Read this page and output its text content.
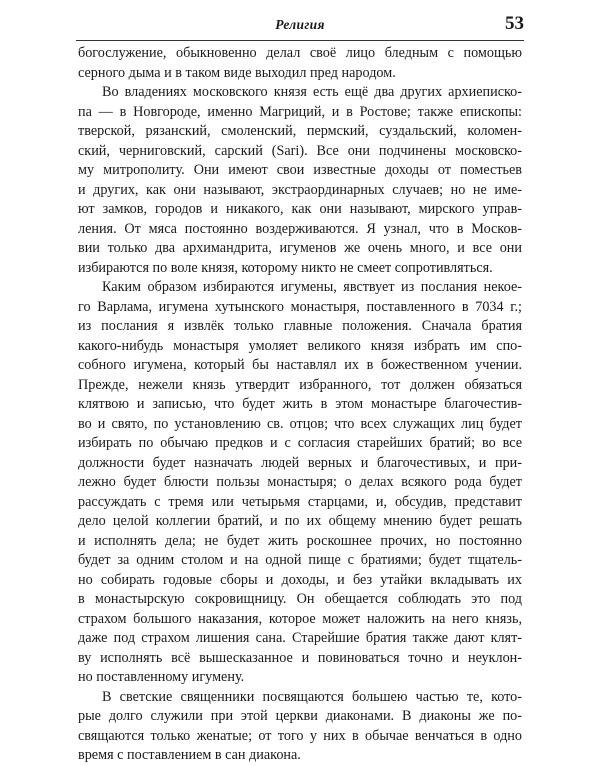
Религия	53
богослужение, обыкновенно делал своё лицо бледным с помощью
серного дыма и в таком виде выходил пред народом.
Во владениях московского князя есть ещё два других архиеписко-
па — в Новгороде, именно Магриций, и в Ростове; также епископы:
тверской, рязанский, смоленский, пермский, суздальский, коломен-
ский, черниговский, сарский (Sari). Все они подчинены московско-
му митрополиту. Они имеют свои известные доходы от поместьев
и других, как они называют, экстраординарных случаев; но не име-
ют замков, городов и никакого, как они называют, мирского управ-
ления. От мяса постоянно воздерживаются. Я узнал, что в Москов-
вии только два архимандрита, игуменов же очень много, и все они
избираются по воле князя, которому никто не смеет сопротивляться.
Каким образом избираются игумены, явствует из послания некое-
го Варлама, игумена хутынского монастыря, поставленного в 7034 г.;
из послания я извлёк только главные положения. Сначала братия
какого-нибудь монастыря умоляет великого князя избрать им спо-
собного игумена, который бы наставлял их в божественном учении.
Прежде, нежели князь утвердит избранного, тот должен обязаться
клятвою и записью, что будет жить в этом монастыре благочестив-
во и свято, по установлению св. отцов; что всех служащих лиц будет
избирать по обычаю предков и с согласия старейших братий; во все
должности будет назначать людей верных и благочестивых, и при-
лежно будет блюсти пользы монастыря; о делах всякого рода будет
рассуждать с тремя или четырьмя старцами, и, обсудив, представит
дело целой коллегии братий, и по их общему мнению будет решать
и исполнять дела; не будет жить роскошнее прочих, но постоянно
будет за одним столом и на одной пище с братиями; будет тщатель-
но собирать годовые сборы и доходы, и без утайки вкладывать их
в монастырскую сокровищницу. Он обещается соблюдать это под
страхом большого наказания, которое может наложить на него князь,
даже под страхом лишения сана. Старейшие братия также дают клят-
ву исполнять всё вышесказанное и повиноваться точно и неуклон-
но поставленному игумену.
В светские священники посвящаются большею частью те, кото-
рые долго служили при этой церкви диаконами. В диаконы же по-
свящаются только женатые; от того у них в обычае венчаться в одно
время с поставлением в сан диакона.
